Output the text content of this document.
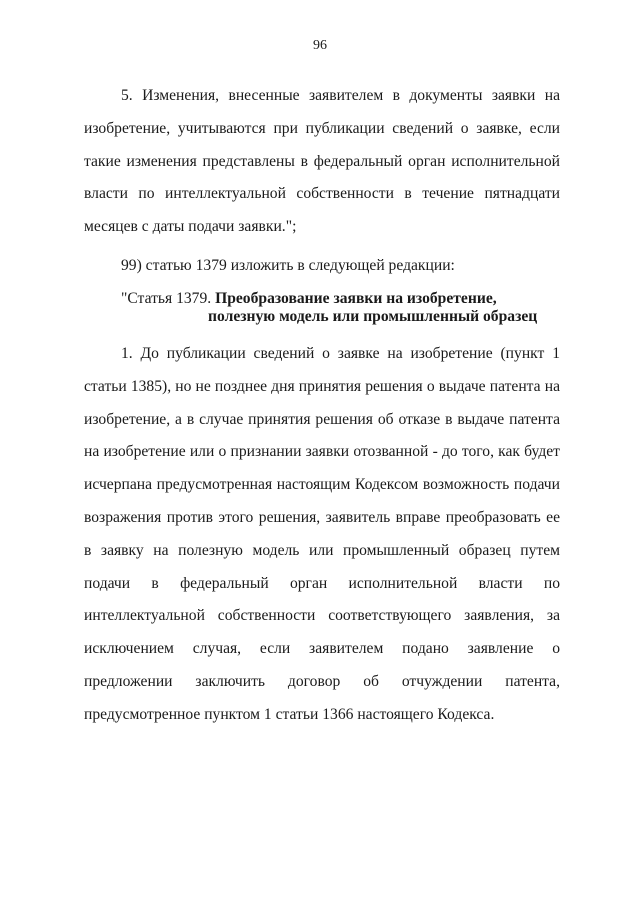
96

5. Изменения, внесенные заявителем в документы заявки на изобретение, учитываются при публикации сведений о заявке, если такие изменения представлены в федеральный орган исполнительной власти по интеллектуальной собственности в течение пятнадцати месяцев с даты подачи заявки.";

99) статью 1379 изложить в следующей редакции:

"Статья 1379. Преобразование заявки на изобретение,
полезную модель или промышленный образец

1. До публикации сведений о заявке на изобретение (пункт 1 статьи 1385), но не позднее дня принятия решения о выдаче патента на изобретение, а в случае принятия решения об отказе в выдаче патента на изобретение или о признании заявки отозванной - до того, как будет исчерпана предусмотренная настоящим Кодексом возможность подачи возражения против этого решения, заявитель вправе преобразовать ее в заявку на полезную модель или промышленный образец путем подачи в федеральный орган исполнительной власти по интеллектуальной собственности соответствующего заявления, за исключением случая, если заявителем подано заявление о предложении заключить договор об отчуждении патента, предусмотренное пунктом 1 статьи 1366 настоящего Кодекса.
